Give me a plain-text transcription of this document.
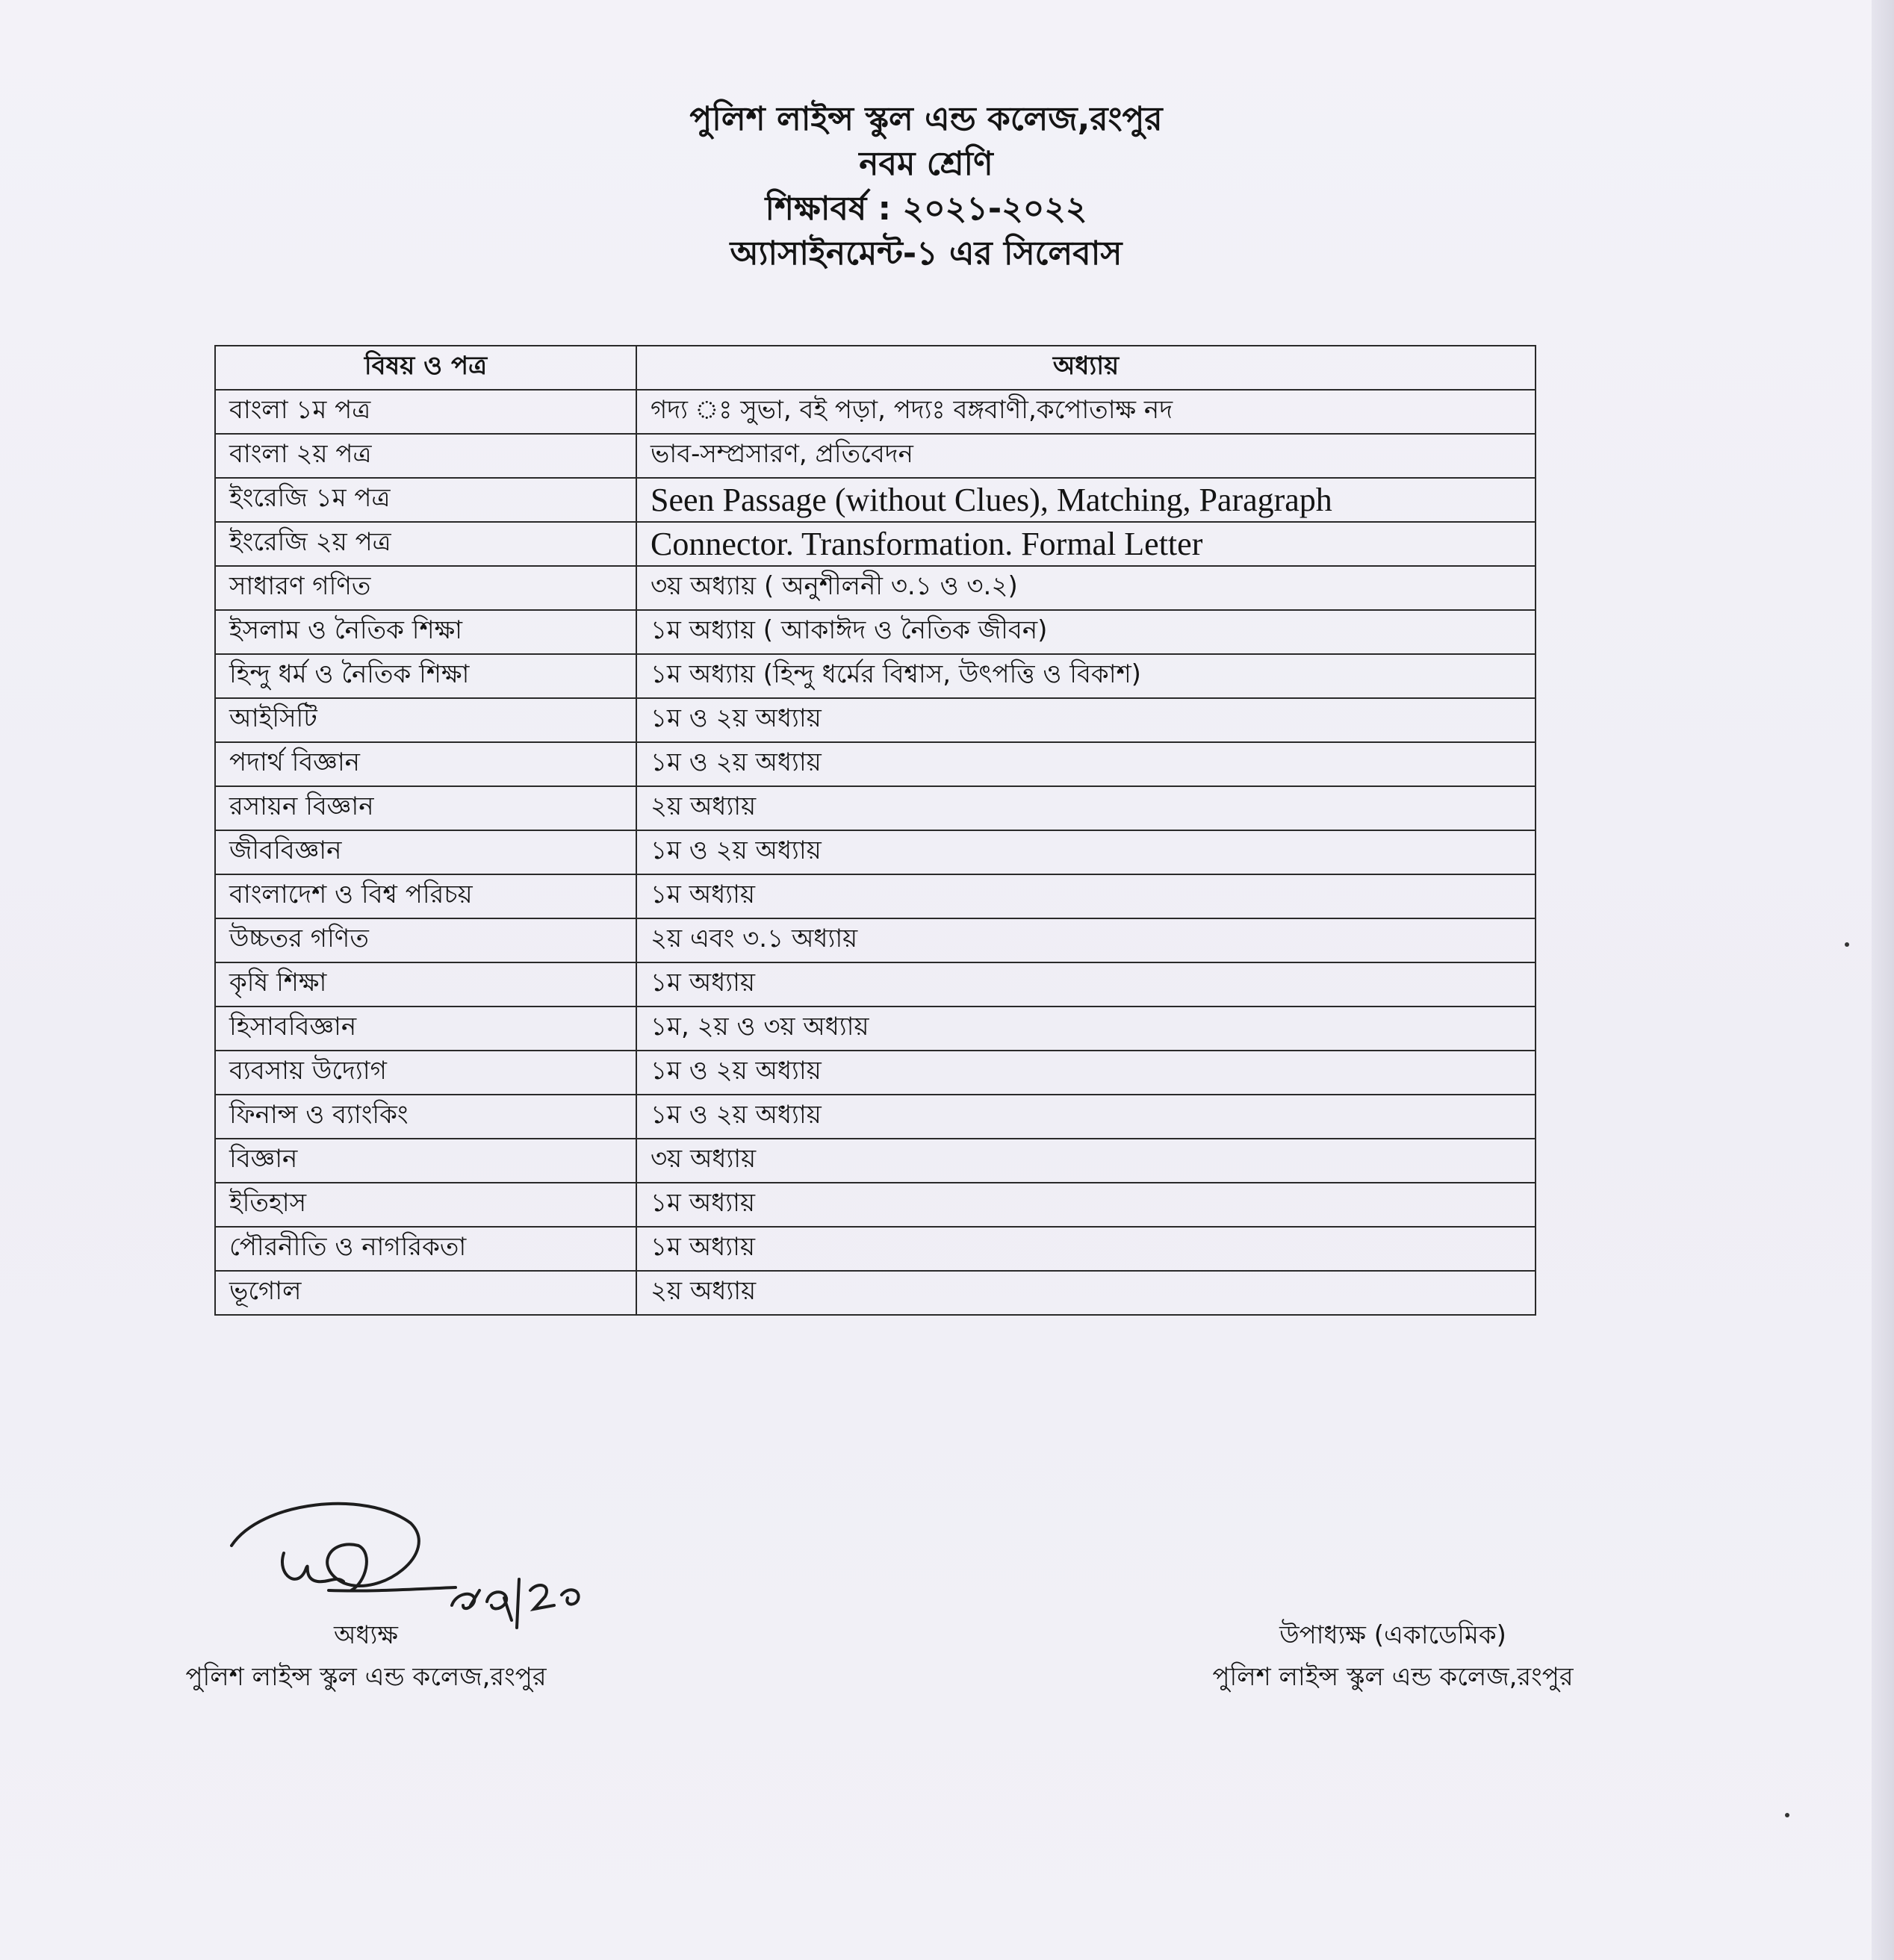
পুলিশ লাইন্স স্কুল এন্ড কলেজ,রংপুর
নবম শ্রেণি
শিক্ষাবর্ষ : ২০২১-২০২২
অ্যাসাইনমেন্ট-১ এর সিলেবাস
বিষয় ও পত্র	অধ্যায়
বাংলা ১ম পত্র	গদ্য ঃ সুভা, বই পড়া, পদ্যঃ বঙ্গবাণী,কপোতাক্ষ নদ
বাংলা ২য় পত্র	ভাব-সম্প্রসারণ, প্রতিবেদন
ইংরেজি ১ম পত্র	Seen Passage (without Clues), Matching, Paragraph
ইংরেজি ২য় পত্র	Connector. Transformation. Formal Letter
সাধারণ গণিত	৩য় অধ্যায় ( অনুশীলনী ৩.১ ও ৩.২)
ইসলাম ও নৈতিক শিক্ষা	১ম অধ্যায় ( আকাঈদ ও নৈতিক জীবন)
হিন্দু ধর্ম ও নৈতিক শিক্ষা	১ম অধ্যায় (হিন্দু ধর্মের বিশ্বাস, উৎপত্তি ও বিকাশ)
আইসিটি	১ম ও ২য় অধ্যায়
পদার্থ বিজ্ঞান	১ম ও ২য় অধ্যায়
রসায়ন বিজ্ঞান	২য় অধ্যায়
জীববিজ্ঞান	১ম ও ২য় অধ্যায়
বাংলাদেশ ও বিশ্ব পরিচয়	১ম অধ্যায়
উচ্চতর গণিত	২য় এবং ৩.১ অধ্যায়
কৃষি শিক্ষা	১ম অধ্যায়
হিসাববিজ্ঞান	১ম, ২য় ও ৩য় অধ্যায়
ব্যবসায় উদ্যোগ	১ম ও ২য় অধ্যায়
ফিনান্স ও ব্যাংকিং	১ম ও ২য় অধ্যায়
বিজ্ঞান	৩য় অধ্যায়
ইতিহাস	১ম অধ্যায়
পৌরনীতি ও নাগরিকতা	১ম অধ্যায়
ভূগোল	২য় অধ্যায়
অধ্যক্ষ
পুলিশ লাইন্স স্কুল এন্ড কলেজ,রংপুর
উপাধ্যক্ষ (একাডেমিক)
পুলিশ লাইন্স স্কুল এন্ড কলেজ,রংপুর
